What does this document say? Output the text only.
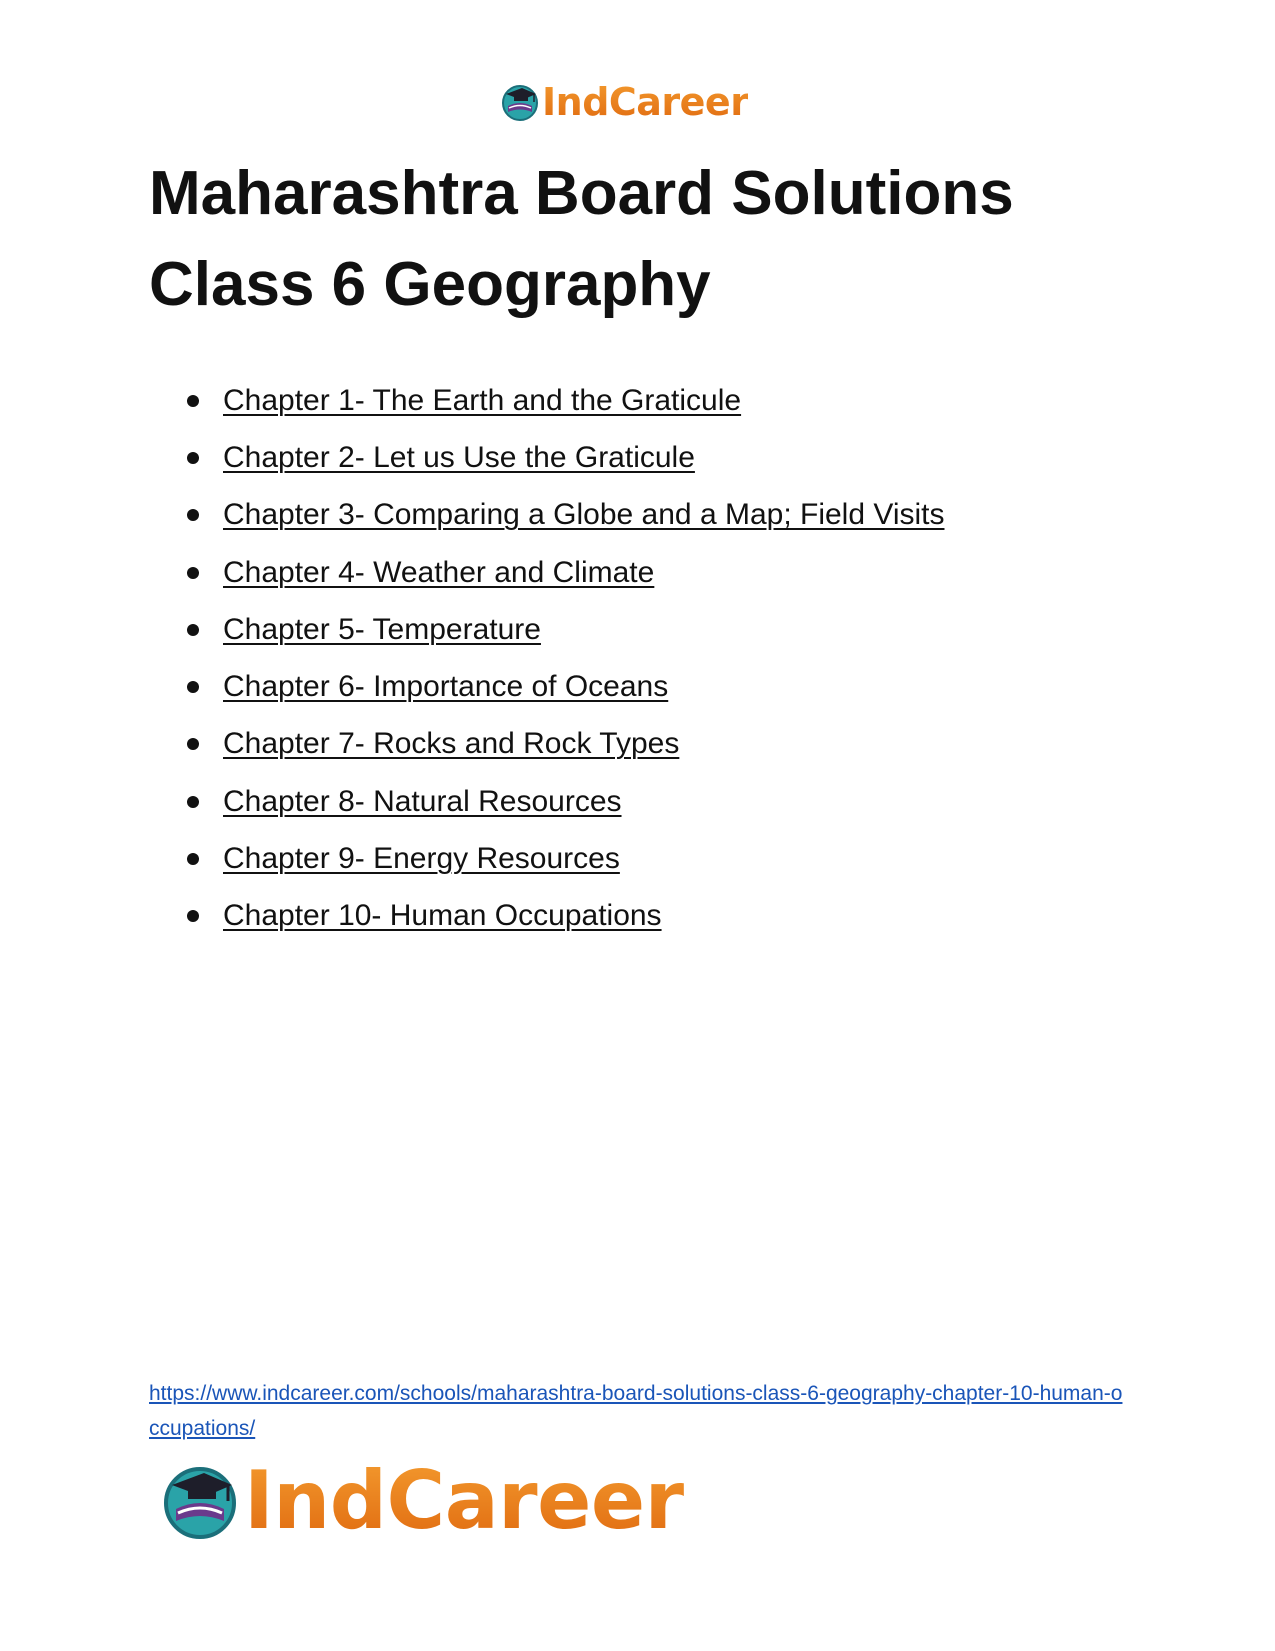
IndCareer
Maharashtra Board Solutions
Class 6 Geography
Chapter 1- The Earth and the Graticule
Chapter 2- Let us Use the Graticule
Chapter 3- Comparing a Globe and a Map; Field Visits
Chapter 4- Weather and Climate
Chapter 5- Temperature
Chapter 6- Importance of Oceans
Chapter 7- Rocks and Rock Types
Chapter 8- Natural Resources
Chapter 9- Energy Resources
Chapter 10- Human Occupations
https://www.indcareer.com/schools/maharashtra-board-solutions-class-6-geography-chapter-10-human-occupations/
IndCareer
